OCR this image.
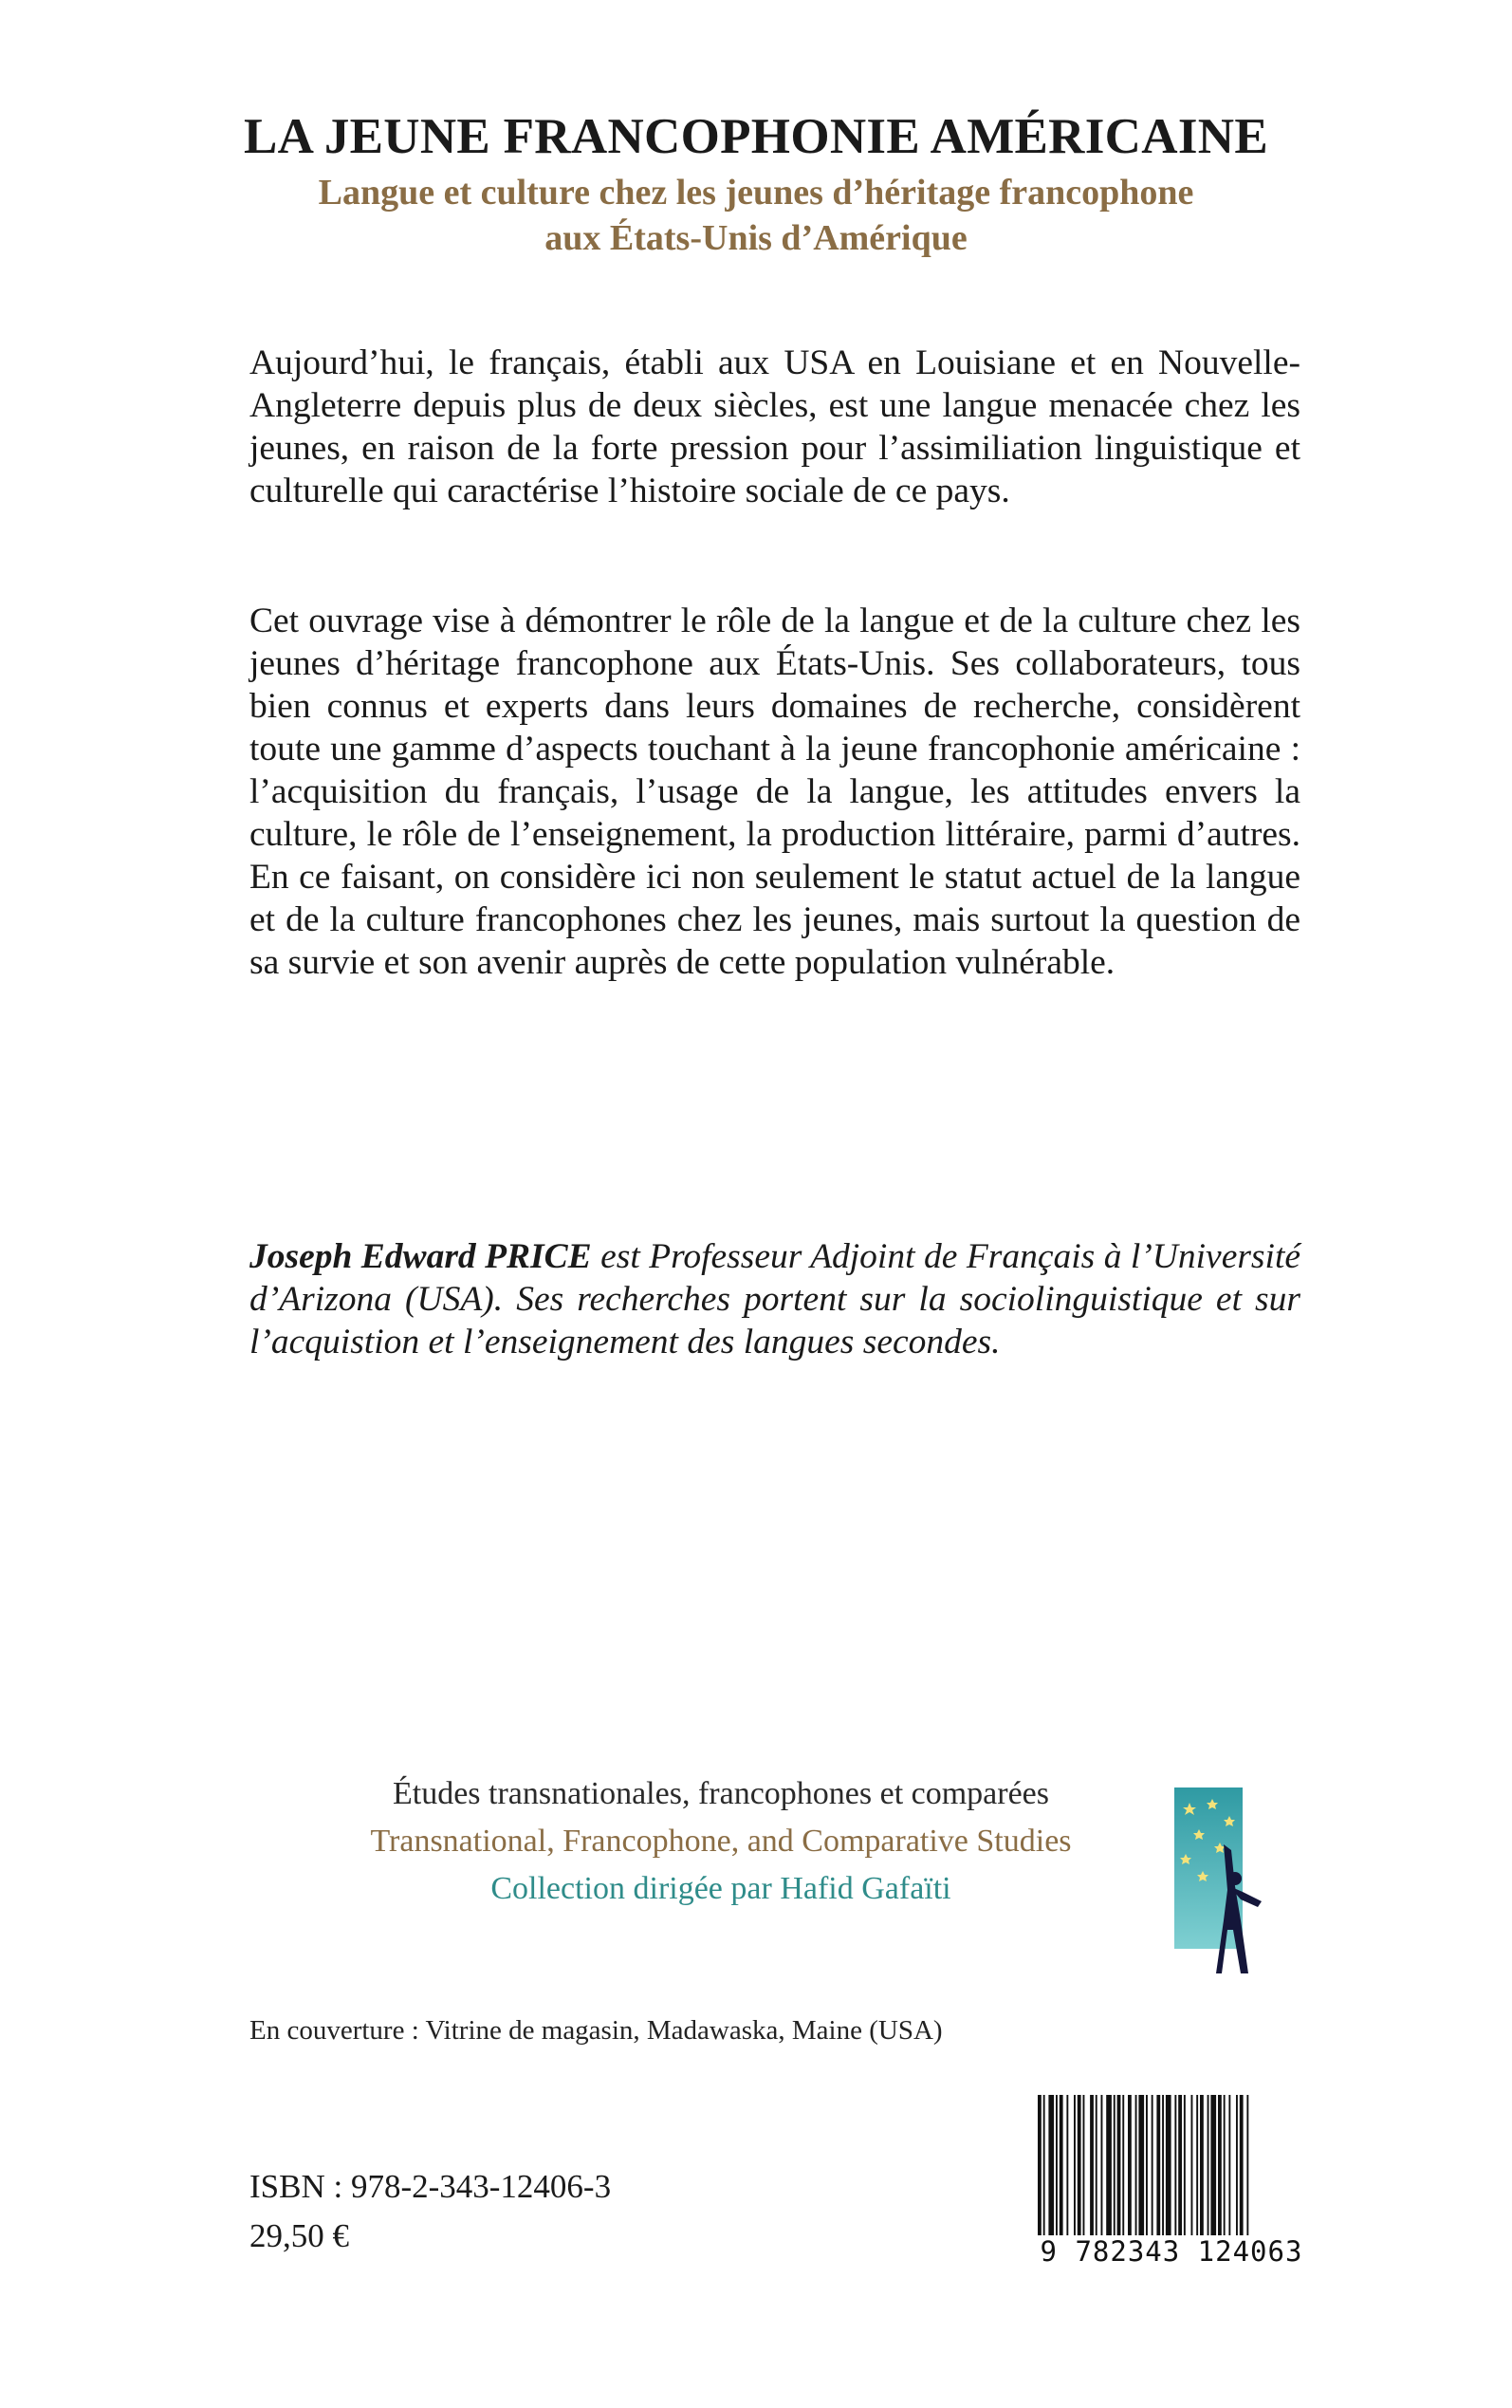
LA JEUNE FRANCOPHONIE AMÉRICAINE
Langue et culture chez les jeunes d’héritage francophone
aux États-Unis d’Amérique
Aujourd’hui, le français, établi aux USA en Louisiane et en Nouvelle-Angleterre depuis plus de deux siècles, est une langue menacée chez les jeunes, en raison de la forte pression pour l’assimiliation linguistique et culturelle qui caractérise l’histoire sociale de ce pays.
Cet ouvrage vise à démontrer le rôle de la langue et de la culture chez les jeunes d’héritage francophone aux États-Unis. Ses collaborateurs, tous bien connus et experts dans leurs domaines de recherche, considèrent toute une gamme d’aspects touchant à la jeune francophonie américaine : l’acquisition du français, l’usage de la langue, les attitudes envers la culture, le rôle de l’enseignement, la production littéraire, parmi d’autres. En ce faisant, on considère ici non seulement le statut actuel de la langue et de la culture francophones chez les jeunes, mais surtout la question de sa survie et son avenir auprès de cette population vulnérable.
Joseph Edward PRICE est Professeur Adjoint de Français à l’Université d’Arizona (USA). Ses recherches portent sur la sociolinguistique et sur l’acquistion et l’enseignement des langues secondes.
Études transnationales, francophones et comparées
Transnational, Francophone, and Comparative Studies
Collection dirigée par Hafid Gafaïti
En couverture : Vitrine de magasin, Madawaska, Maine (USA)
ISBN : 978-2-343-12406-3
29,50 €	9 782343 124063
